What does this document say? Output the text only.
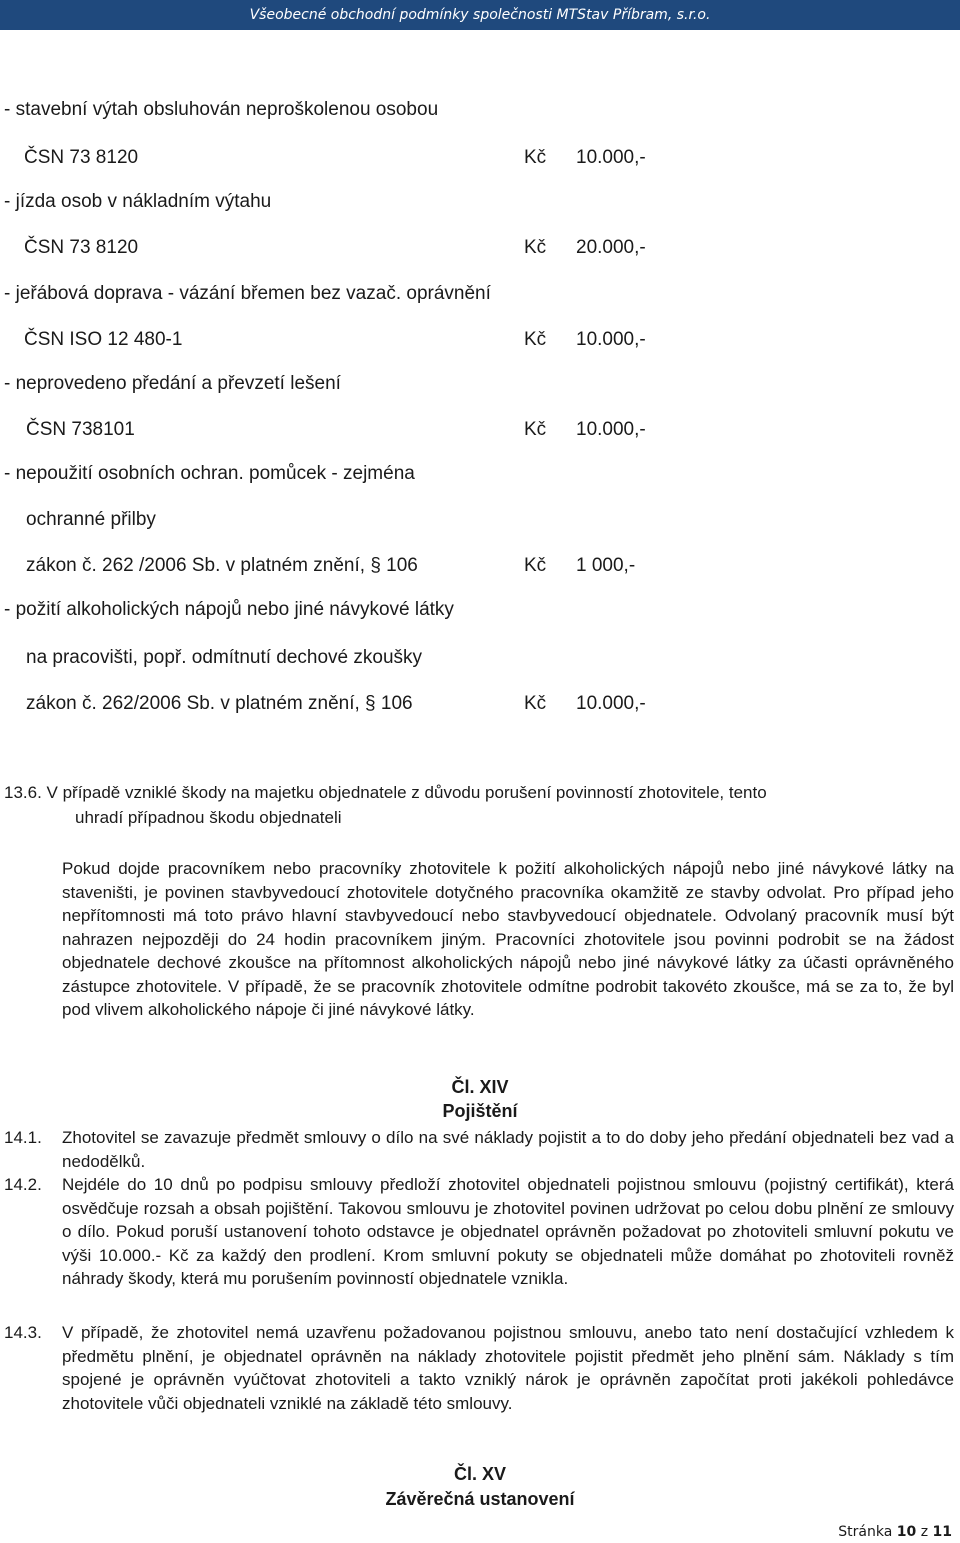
Všeobecné obchodní podmínky společnosti MTStav Příbram, s.r.o.
- stavební výtah obsluhován neproškolenou osobou
ČSN 73 8120	Kč 10.000,-
- jízda osob v nákladním výtahu
ČSN 73 8120	Kč 20.000,-
- jeřábová doprava - vázání břemen bez vazač. oprávnění
ČSN ISO 12 480-1	Kč 10.000,-
- neprovedeno předání a převzetí lešení
ČSN 738101	Kč 10.000,-
- nepoužití osobních ochran. pomůcek - zejména
ochranné přilby
zákon č. 262 /2006 Sb. v platném znění, § 106	Kč 1 000,-
- požití alkoholických nápojů nebo jiné návykové látky
na pracovišti, popř. odmítnutí dechové zkoušky
zákon č. 262/2006 Sb. v platném znění, § 106	Kč 10.000,-
13.6. V případě vzniklé škody na majetku objednatele z důvodu porušení povinností zhotovitele, tento
uhradí případnou škodu objednateli

Pokud dojde pracovníkem nebo pracovníky zhotovitele k požití alkoholických nápojů nebo jiné návykové látky na staveništi, je povinen stavbyvedoucí zhotovitele dotyčného pracovníka okamžitě ze stavby odvolat. Pro případ jeho nepřítomnosti má toto právo hlavní stavbyvedoucí nebo stavbyvedoucí objednatele. Odvolaný pracovník musí být nahrazen nejpozději do 24 hodin pracovníkem jiným. Pracovníci zhotovitele jsou povinni podrobit se na žádost objednatele dechové zkoušce na přítomnost alkoholických nápojů nebo jiné návykové látky za účasti oprávněného zástupce zhotovitele. V případě, že se pracovník zhotovitele odmítne podrobit takovéto zkoušce, má se za to, že byl pod vlivem alkoholického nápoje či jiné návykové látky.

Čl. XIV
Pojištění
14.1. Zhotovitel se zavazuje předmět smlouvy o dílo na své náklady pojistit a to do doby jeho předání objednateli bez vad a nedodělků.

14.2. Nejdéle do 10 dnů po podpisu smlouvy předloží zhotovitel objednateli pojistnou smlouvu (pojistný certifikát), která osvědčuje rozsah a obsah pojištění. Takovou smlouvu je zhotovitel povinen udržovat po celou dobu plnění ze smlouvy o dílo. Pokud poruší ustanovení tohoto odstavce je objednatel oprávněn požadovat po zhotoviteli smluvní pokutu ve výši 10.000.- Kč za každý den prodlení. Krom smluvní pokuty se objednateli může domáhat po zhotoviteli rovněž náhrady škody, která mu porušením povinností objednatele vznikla.

14.3. V případě, že zhotovitel nemá uzavřenu požadovanou pojistnou smlouvu, anebo tato není dostačující vzhledem k předmětu plnění, je objednatel oprávněn na náklady zhotovitele pojistit předmět jeho plnění sám. Náklady s tím spojené je oprávněn vyúčtovat zhotoviteli a takto vzniklý nárok je oprávněn započítat proti jakékoli pohledávce zhotovitele vůči objednateli vzniklé na základě této smlouvy.

Čl. XV
Závěrečná ustanovení
Stránka 10 z 11
